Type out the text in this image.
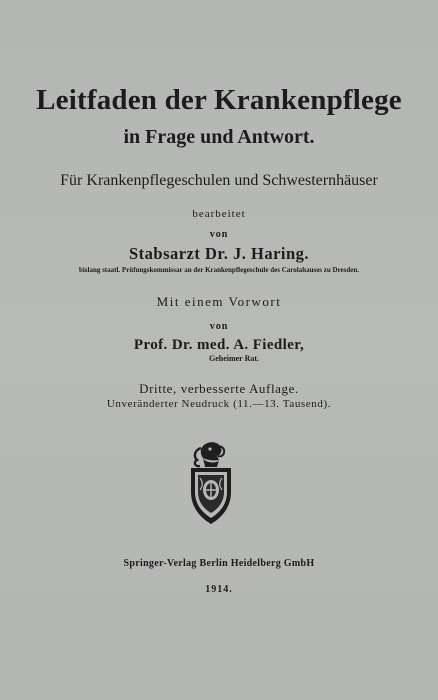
Leitfaden der Krankenpflege
in Frage und Antwort.
Für Krankenpflegeschulen und Schwesternhäuser
bearbeitet
von
Stabsarzt Dr. J. Haring.
bislang staatl. Prüfungskommissar an der Krankenpflegeschule des Carolahauses zu Dresden.
Mit einem Vorwort
von
Prof. Dr. med. A. Fiedler,
Geheimer Rat.
Dritte, verbesserte Auflage.
Unveränderter Neudruck (11.—13. Tausend).
Springer-Verlag Berlin Heidelberg GmbH
1914.
